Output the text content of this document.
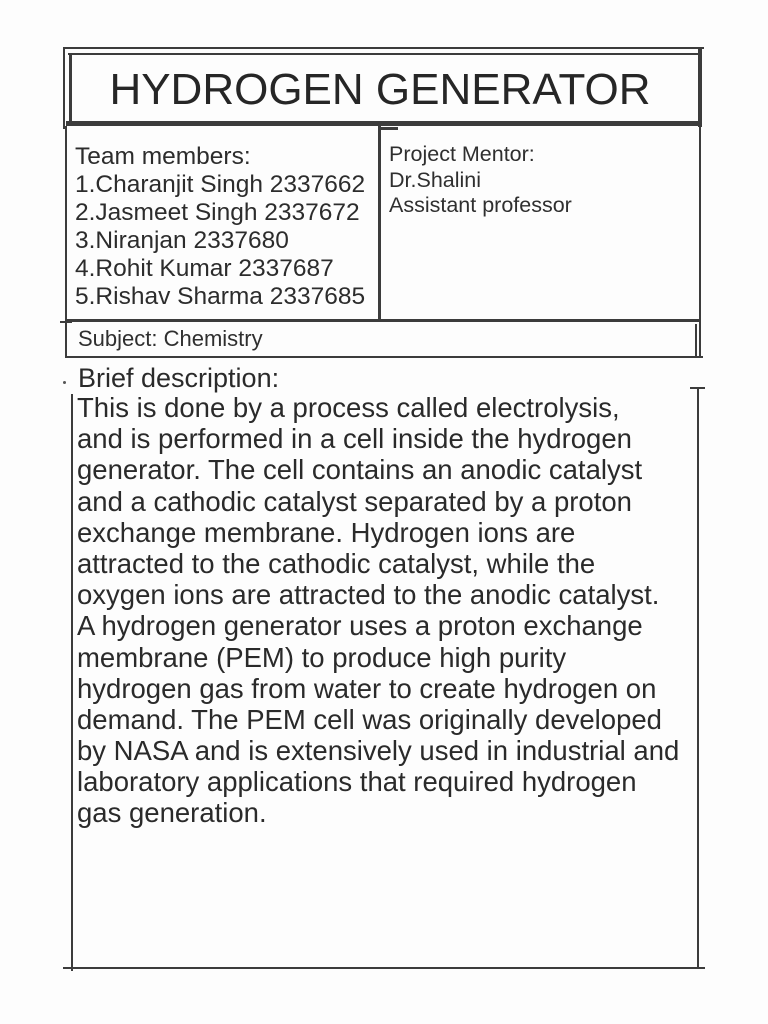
HYDROGEN GENERATOR
Team members:
1.Charanjit Singh 2337662
2.Jasmeet Singh 2337672
3.Niranjan 2337680
4.Rohit Kumar 2337687
5.Rishav Sharma 2337685
Project Mentor:
Dr.Shalini
Assistant professor
Subject: Chemistry
Brief description:
This is done by a process called electrolysis,
and is performed in a cell inside the hydrogen
generator. The cell contains an anodic catalyst
and a cathodic catalyst separated by a proton
exchange membrane. Hydrogen ions are
attracted to the cathodic catalyst, while the
oxygen ions are attracted to the anodic catalyst.
A hydrogen generator uses a proton exchange
membrane (PEM) to produce high purity
hydrogen gas from water to create hydrogen on
demand. The PEM cell was originally developed
by NASA and is extensively used in industrial and
laboratory applications that required hydrogen
gas generation.
